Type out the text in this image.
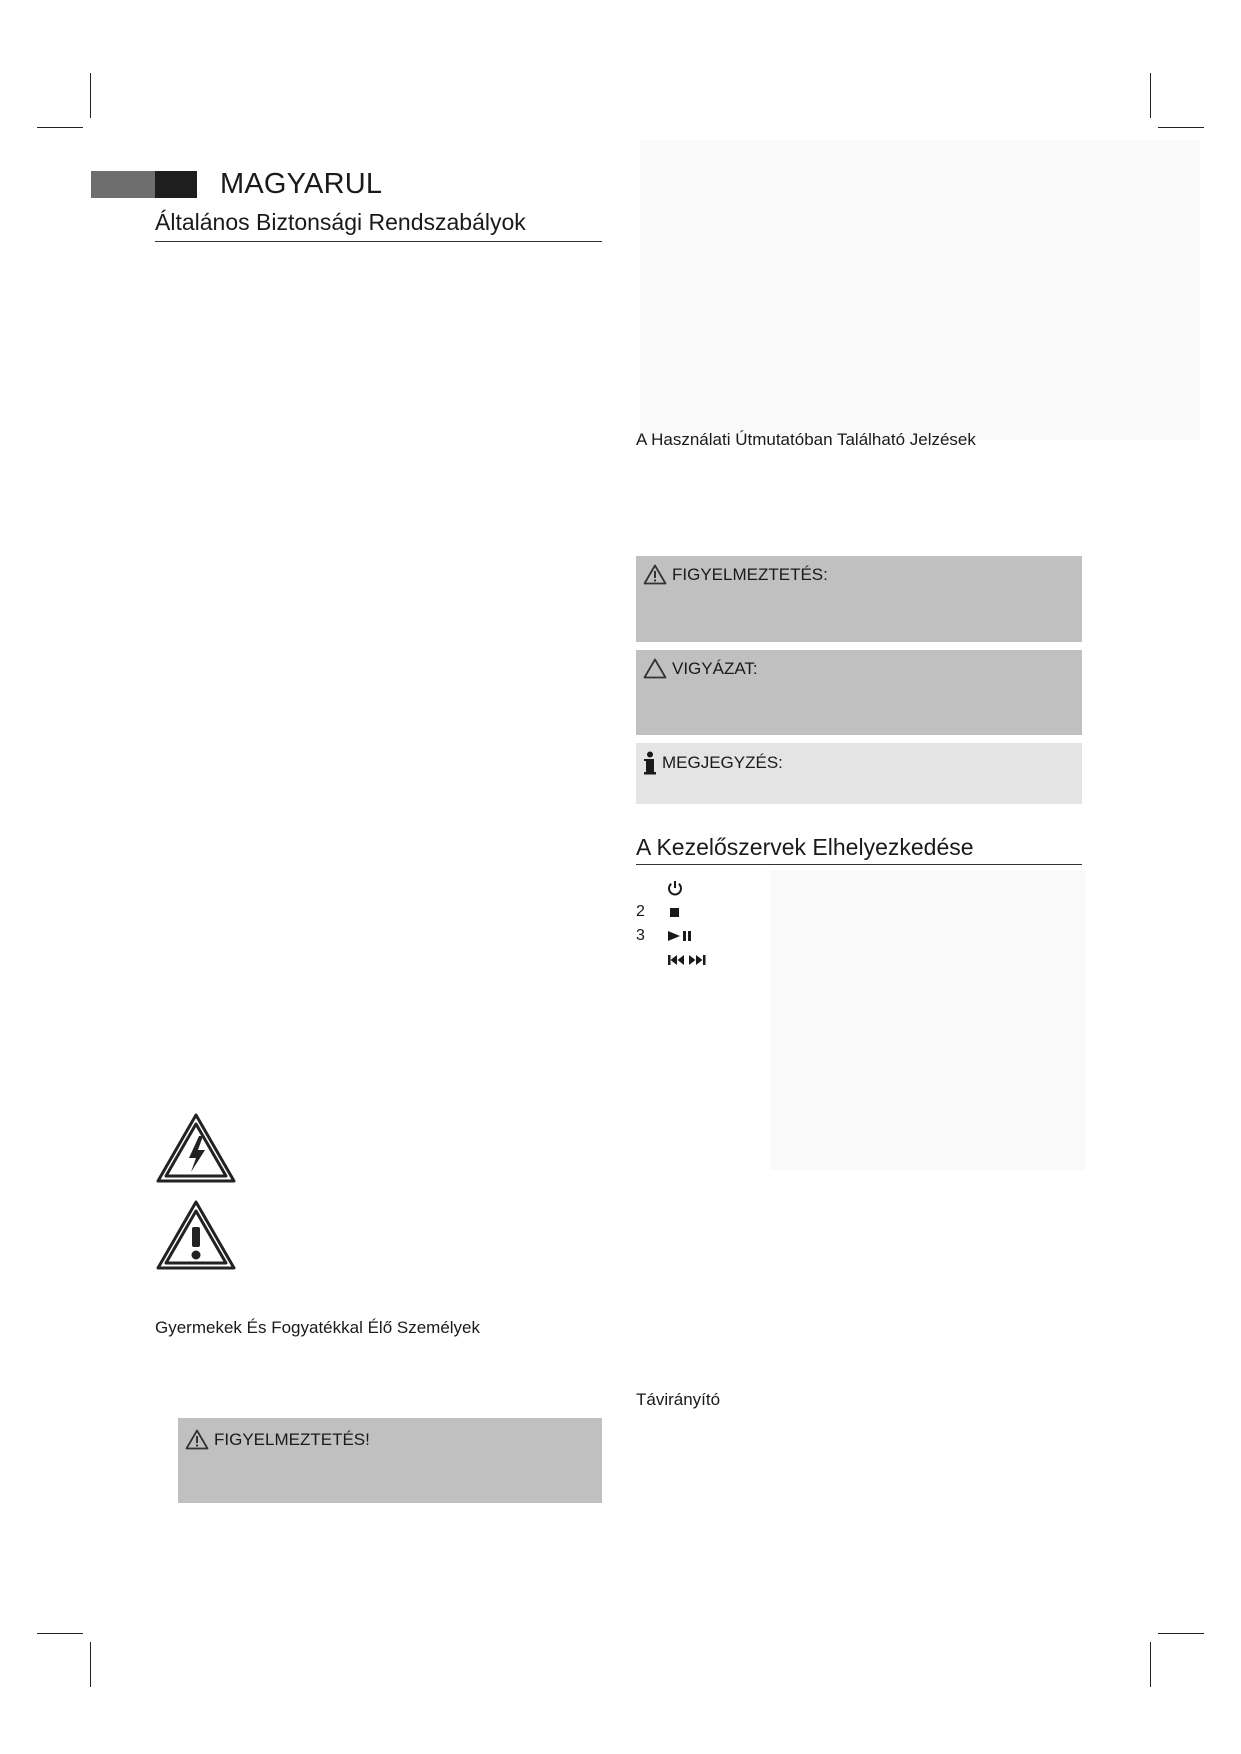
MAGYARUL
Általános Biztonsági Rendszabályok
Gyermekek És Fogyatékkal Élő Személyek
FIGYELMEZTETÉS!
A Használati Útmutatóban Található Jelzések
FIGYELMEZTETÉS:
VIGYÁZAT:
MEGJEGYZÉS:
A Kezelőszervek Elhelyezkedése
2
3
Távirányító
